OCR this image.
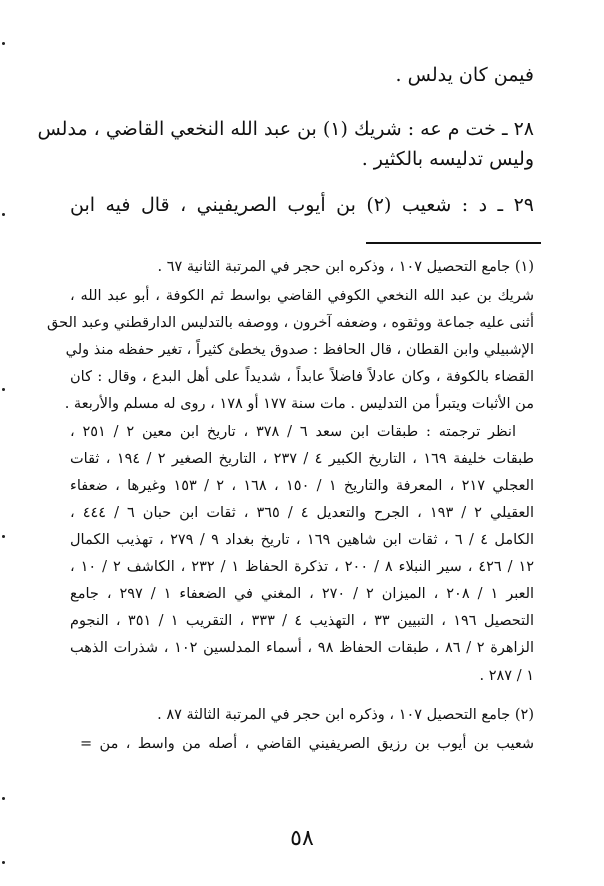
فيمن كان يدلس .
٢٨ ـ خت م عه : شريك (١) بن عبد الله النخعي القاضي ، مدلس
وليس تدليسه بالكثير .
٢٩ ـ د : شعيب (٢) بن أيوب الصريفيني ، قال فيه ابن
(١) جامع التحصيل ١٠٧ ، وذكره ابن حجر في المرتبة الثانية ٦٧ .
شريك بن عبد الله النخعي الكوفي القاضي بواسط ثم الكوفة ، أبو عبد الله ،
أثنى عليه جماعة ووثقوه ، وضعفه آخرون ، ووصفه بالتدليس الدارقطني وعبد الحق
الإشبيلي وابن القطان ، قال الحافظ : صدوق يخطئ كثيراً ، تغير حفظه منذ ولي
القضاء بالكوفة ، وكان عادلاً فاضلاً عابداً ، شديداً على أهل البدع ، وقال : كان
من الأثبات ويتبرأ من التدليس . مات سنة ١٧٧ أو ١٧٨ ، روى له مسلم والأربعة .
انظر ترجمته : طبقات ابن سعد ٦ / ٣٧٨ ، تاريخ ابن معين ٢ / ٢٥١ ،
طبقات خليفة ١٦٩ ، التاريخ الكبير ٤ / ٢٣٧ ، التاريخ الصغير ٢ / ١٩٤ ، ثقات
العجلي ٢١٧ ، المعرفة والتاريخ ١ / ١٥٠ ، ١٦٨ ، ٢ / ١٥٣ وغيرها ، ضعفاء
العقيلي ٢ / ١٩٣ ، الجرح والتعديل ٤ / ٣٦٥ ، ثقات ابن حبان ٦ / ٤٤٤ ،
الكامل ٤ / ٦ ، ثقات ابن شاهين ١٦٩ ، تاريخ بغداد ٩ / ٢٧٩ ، تهذيب الكمال
١٢ / ٤٢٦ ، سير النبلاء ٨ / ٢٠٠ ، تذكرة الحفاظ ١ / ٢٣٢ ، الكاشف ٢ / ١٠ ،
العبر ١ / ٢٠٨ ، الميزان ٢ / ٢٧٠ ، المغني في الضعفاء ١ / ٢٩٧ ، جامع
التحصيل ١٩٦ ، التبيين ٣٣ ، التهذيب ٤ / ٣٣٣ ، التقريب ١ / ٣٥١ ، النجوم
الزاهرة ٢ / ٨٦ ، طبقات الحفاظ ٩٨ ، أسماء المدلسين ١٠٢ ، شذرات الذهب
١ / ٢٨٧ .
(٢) جامع التحصيل ١٠٧ ، وذكره ابن حجر في المرتبة الثالثة ٨٧ .
شعيب بن أيوب بن رزيق الصريفيني القاضي ، أصله من واسط ، من =
٥٨
